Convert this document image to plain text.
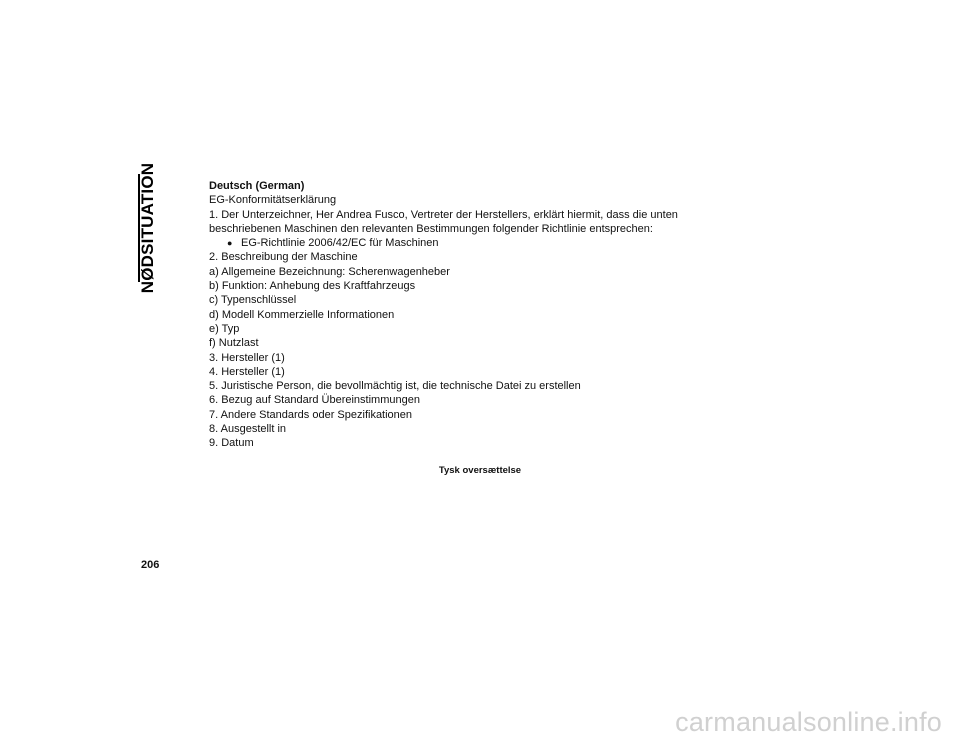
NØDSITUATION	Deutsch (German)

EG-Konformitätserklärung

1. Der Unterzeichner, Her Andrea Fusco, Vertreter der Herstellers, erklärt hiermit, dass die unten beschriebenen Maschinen den relevanten Bestimmungen folgender Richtlinie entsprechen:

● EG-Richtlinie 2006/42/EC für Maschinen

2. Beschreibung der Maschine

a) Allgemeine Bezeichnung: Scherenwagenheber

b) Funktion: Anhebung des Kraftfahrzeugs

c) Typenschlüssel

d) Modell Kommerzielle Informationen

e) Typ

f) Nutzlast

3. Hersteller (1)

4. Hersteller (1)

5. Juristische Person, die bevollmächtig ist, die technische Datei zu erstellen

6. Bezug auf Standard Übereinstimmungen

7. Andere Standards oder Spezifikationen

8. Ausgestellt in

9. Datum

Tysk oversættelse
206
carmanualsonline.info
